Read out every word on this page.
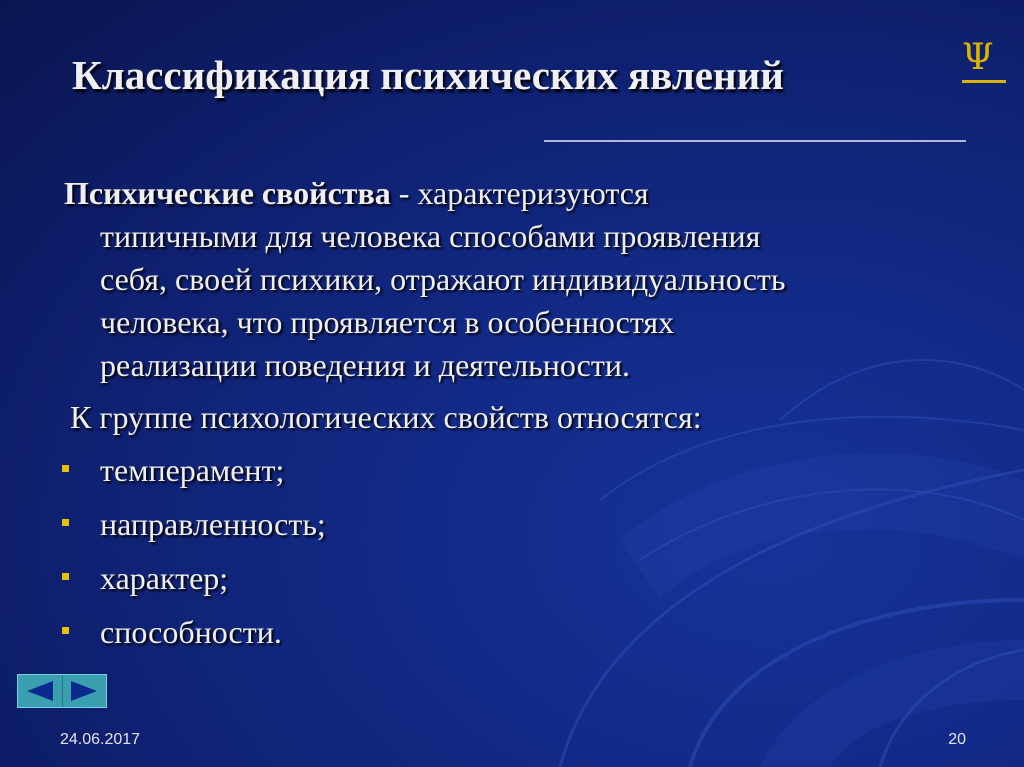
Классификация психических явлений	Ψ

Психические свойства - характеризуются
типичными для человека способами проявления
себя, своей психики, отражают индивидуальность
человека, что проявляется в особенностях
реализации поведения и деятельности.

К группе психологических свойств относятся:

темперамент;
направленность;
характер;
способности.
24.06.2017	20
